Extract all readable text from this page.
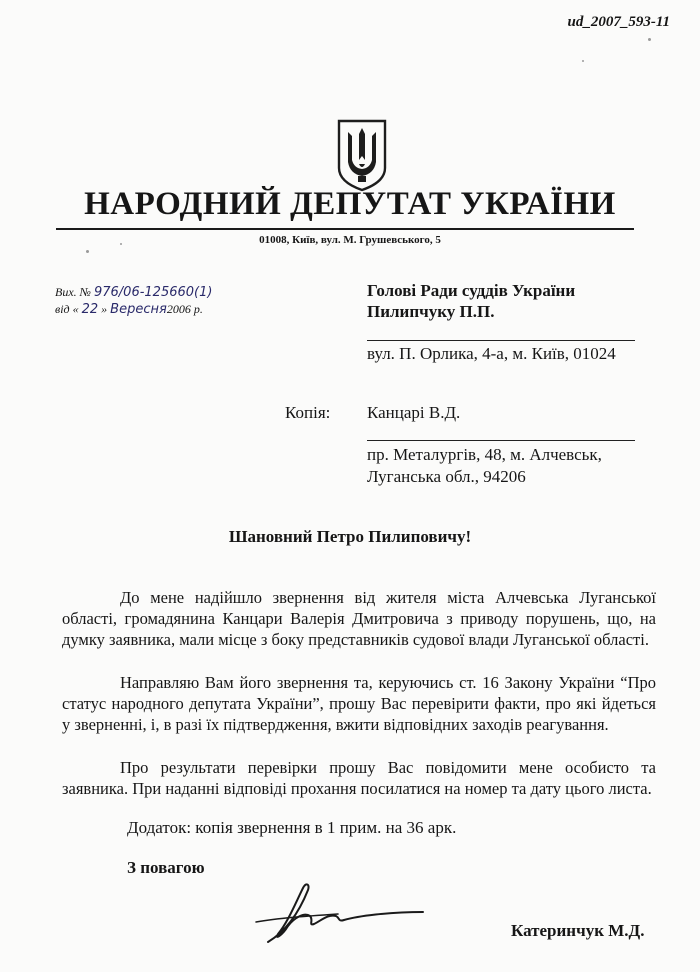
ud_2007_593-11
НАРОДНИЙ ДЕПУТАТ УКРАЇНИ
01008, Київ, вул. М. Грушевського, 5
Вих. № 976/06-125660(1)
від « 22 » Вересня2006 р.
Голові Ради суддів України
Пилипчуку П.П.
вул. П. Орлика, 4-а, м. Київ, 01024
Копія: Канцарі В.Д.
пр. Металургів, 48, м. Алчевськ,
Луганська обл., 94206
Шановний Петро Пилиповичу!
До мене надійшло звернення від жителя міста Алчевська Луганської області, громадянина Канцари Валерія Дмитровича з приводу порушень, що, на думку заявника, мали місце з боку представників судової влади Луганської області.
Направляю Вам його звернення та, керуючись ст. 16 Закону України “Про статус народного депутата України”, прошу Вас перевірити факти, про які йдеться у зверненні, і, в разі їх підтвердження, вжити відповідних заходів реагування.
Про результати перевірки прошу Вас повідомити мене особисто та заявника. При наданні відповіді прохання посилатися на номер та дату цього листа.
Додаток: копія звернення в 1 прим. на 36 арк.
З повагою
Катеринчук М.Д.
